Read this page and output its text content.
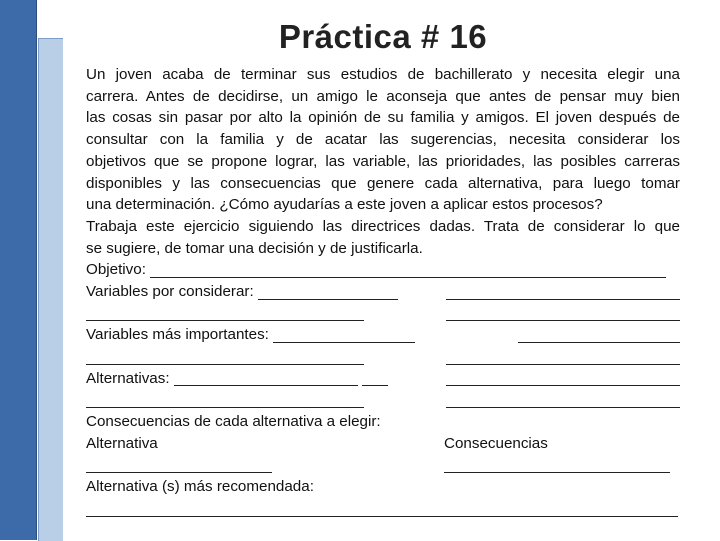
Práctica # 16
Un joven acaba de terminar sus estudios de bachillerato y necesita elegir una
carrera. Antes de decidirse, un amigo le aconseja que antes de pensar muy bien
las cosas sin pasar por alto la opinión de su familia y amigos. El joven después de
consultar con la familia y de acatar las sugerencias, necesita considerar los
objetivos que se propone lograr, las variable, las prioridades, las posibles carreras
disponibles y las consecuencias que genere cada alternativa, para luego tomar
una determinación. ¿Cómo ayudarías a este joven a aplicar estos procesos?
Trabaja este ejercicio siguiendo las directrices dadas. Trata de considerar lo que
se sugiere, de tomar una decisión y de justificarla.
Objetivo:
Variables por considerar:
Variables más importantes:
Alternativas:
Consecuencias de cada alternativa a elegir:
Alternativa	Consecuencias
Alternativa (s) más recomendada:
